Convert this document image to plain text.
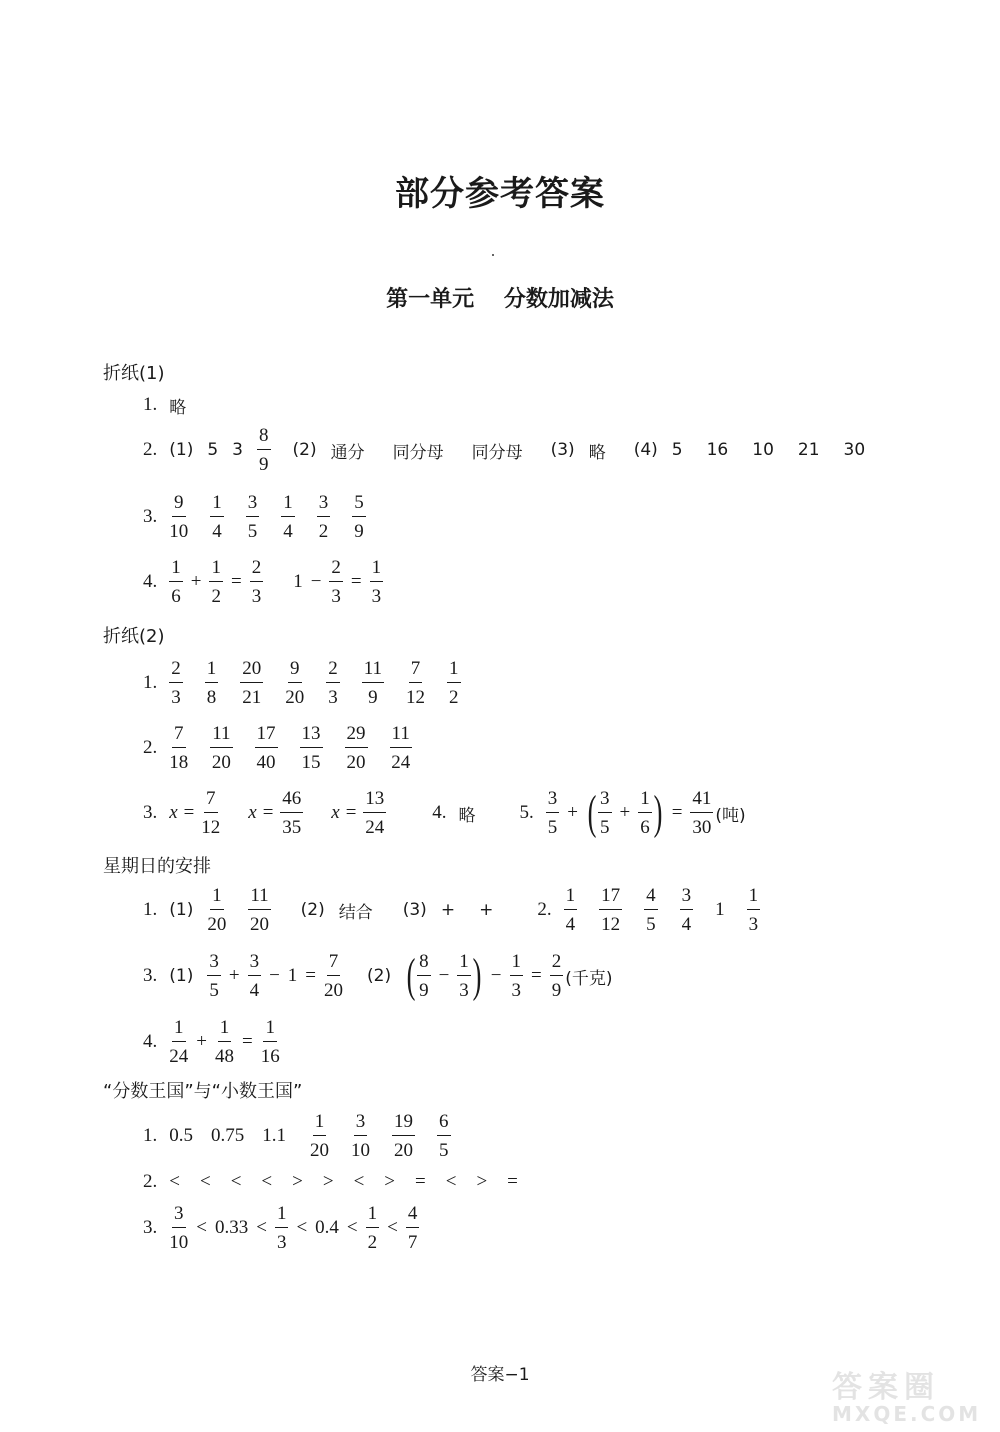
部分参考答案
第一单元 分数加减法
折纸(1)
1. 略
2. (1) 5 $3 \frac{8}{9} (2)$ 通分 同分母 同分母 (3) 略 (4) 5 16 10 21 30
3. $\frac{9}{10} \frac{1}{4} \frac{3}{5} \frac{1}{4} \frac{3}{2} \frac{5}{9}$
4. $\frac{1}{6} + \frac{1}{2} = \frac{2}{3} 1 - \frac{2}{3} = \frac{1}{3}$
折纸(2)
1. $\frac{2}{3} \frac{1}{8} \frac{20}{21} \frac{9}{20} \frac{2}{3} \frac{11}{9} \frac{7}{12} \frac{1}{2}$
2. $\frac{7}{18} \frac{11}{20} \frac{17}{40} \frac{13}{15} \frac{29}{20} \frac{11}{24}$
3. $x = \frac{7}{12}$ $x = \frac{46}{35}$ $x = \frac{13}{24} 4$. 略 5. $\frac{3}{5}$ + ( $\frac{3}{5} + \frac{1}{6}$ ) = $\frac{41}{30}$ (吨)
星期日的安排
1. $(1) \frac{1}{20} \frac{11}{20} (2)$ 结合 (3) + + 2. $\frac{1}{4} \frac{17}{12} \frac{4}{5} \frac{3}{4} 1 \frac{1}{3}$
3. $(1) \frac{3}{5} + \frac{3}{4} - 1 = \frac{7}{20} (2)$ ( $\frac{8}{9} - \frac{1}{3}$ ) − $\frac{1}{3} = \frac{2}{9}$ (千克)
4. $\frac{1}{24} + \frac{1}{48} = \frac{1}{16}$
“分数王国”与“小数王国”
1. 0.5 0.75 $1.1 \frac{1}{20} \frac{3}{10} \frac{19}{20} \frac{6}{5}$
2. < < < < > > < > = < > =
3. $\frac{3}{10} < 0.33 < \frac{1}{3} < 0.4 < \frac{1}{2} < \frac{4}{7}$
答案−1	答案圈
MXQE.COM
